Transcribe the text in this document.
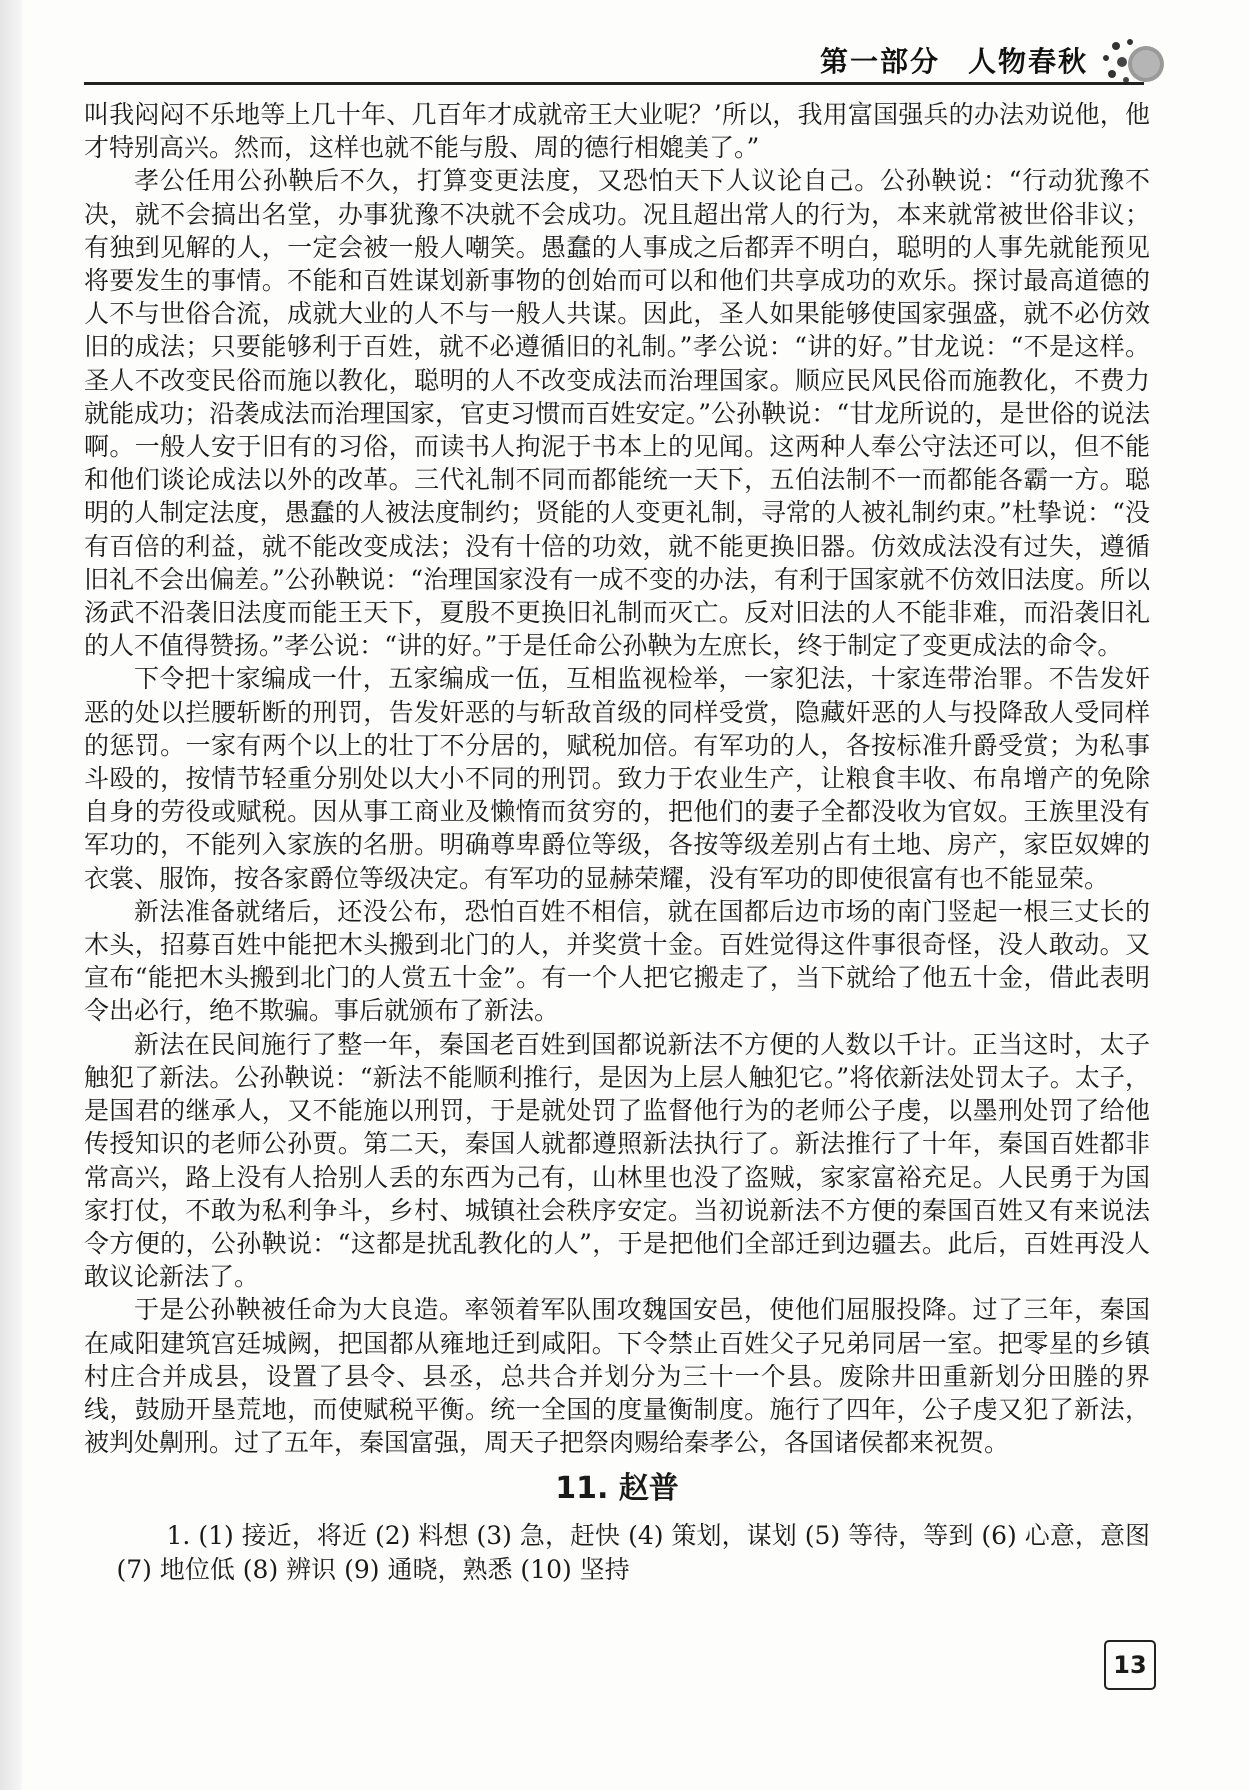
第一部分 人物春秋

叫我闷闷不乐地等上几十年、几百年才成就帝王大业呢？’所以，我用富国强兵的办法劝说他，他才特别高兴。然而，这样也就不能与殷、周的德行相媲美了。”

孝公任用公孙鞅后不久，打算变更法度，又恐怕天下人议论自己。公孙鞅说：“行动犹豫不决，就不会搞出名堂，办事犹豫不决就不会成功。况且超出常人的行为，本来就常被世俗非议；有独到见解的人，一定会被一般人嘲笑。愚蠢的人事成之后都弄不明白，聪明的人事先就能预见将要发生的事情。不能和百姓谋划新事物的创始而可以和他们共享成功的欢乐。探讨最高道德的人不与世俗合流，成就大业的人不与一般人共谋。因此，圣人如果能够使国家强盛，就不必仿效旧的成法；只要能够利于百姓，就不必遵循旧的礼制。”孝公说：“讲的好。”甘龙说：“不是这样。圣人不改变民俗而施以教化，聪明的人不改变成法而治理国家。顺应民风民俗而施教化，不费力就能成功；沿袭成法而治理国家，官吏习惯而百姓安定。”公孙鞅说：“甘龙所说的，是世俗的说法啊。一般人安于旧有的习俗，而读书人拘泥于书本上的见闻。这两种人奉公守法还可以，但不能和他们谈论成法以外的改革。三代礼制不同而都能统一天下，五伯法制不一而都能各霸一方。聪明的人制定法度，愚蠢的人被法度制约；贤能的人变更礼制，寻常的人被礼制约束。”杜挚说：“没有百倍的利益，就不能改变成法；没有十倍的功效，就不能更换旧器。仿效成法没有过失，遵循旧礼不会出偏差。”公孙鞅说：“治理国家没有一成不变的办法，有利于国家就不仿效旧法度。所以汤武不沿袭旧法度而能王天下，夏殷不更换旧礼制而灭亡。反对旧法的人不能非难，而沿袭旧礼的人不值得赞扬。”孝公说：“讲的好。”于是任命公孙鞅为左庶长，终于制定了变更成法的命令。

下令把十家编成一什，五家编成一伍，互相监视检举，一家犯法，十家连带治罪。不告发奸恶的处以拦腰斩断的刑罚，告发奸恶的与斩敌首级的同样受赏，隐藏奸恶的人与投降敌人受同样的惩罚。一家有两个以上的壮丁不分居的，赋税加倍。有军功的人，各按标准升爵受赏；为私事斗殴的，按情节轻重分别处以大小不同的刑罚。致力于农业生产，让粮食丰收、布帛增产的免除自身的劳役或赋税。因从事工商业及懒惰而贫穷的，把他们的妻子全都没收为官奴。王族里没有军功的，不能列入家族的名册。明确尊卑爵位等级，各按等级差别占有土地、房产，家臣奴婢的衣裳、服饰，按各家爵位等级决定。有军功的显赫荣耀，没有军功的即使很富有也不能显荣。

新法准备就绪后，还没公布，恐怕百姓不相信，就在国都后边市场的南门竖起一根三丈长的木头，招募百姓中能把木头搬到北门的人，并奖赏十金。百姓觉得这件事很奇怪，没人敢动。又宣布“能把木头搬到北门的人赏五十金”。有一个人把它搬走了，当下就给了他五十金，借此表明令出必行，绝不欺骗。事后就颁布了新法。

新法在民间施行了整一年，秦国老百姓到国都说新法不方便的人数以千计。正当这时，太子触犯了新法。公孙鞅说：“新法不能顺利推行，是因为上层人触犯它。”将依新法处罚太子。太子，是国君的继承人，又不能施以刑罚，于是就处罚了监督他行为的老师公子虔，以墨刑处罚了给他传授知识的老师公孙贾。第二天，秦国人就都遵照新法执行了。新法推行了十年，秦国百姓都非常高兴，路上没有人拾别人丢的东西为己有，山林里也没了盗贼，家家富裕充足。人民勇于为国家打仗，不敢为私利争斗，乡村、城镇社会秩序安定。当初说新法不方便的秦国百姓又有来说法令方便的，公孙鞅说：“这都是扰乱教化的人”，于是把他们全部迁到边疆去。此后，百姓再没人敢议论新法了。

于是公孙鞅被任命为大良造。率领着军队围攻魏国安邑，使他们屈服投降。过了三年，秦国在咸阳建筑宫廷城阙，把国都从雍地迁到咸阳。下令禁止百姓父子兄弟同居一室。把零星的乡镇村庄合并成县，设置了县令、县丞，总共合并划分为三十一个县。废除井田重新划分田塍的界线，鼓励开垦荒地，而使赋税平衡。统一全国的度量衡制度。施行了四年，公子虔又犯了新法，被判处劓刑。过了五年，秦国富强，周天子把祭肉赐给秦孝公，各国诸侯都来祝贺。

11. 赵普

1. (1) 接近，将近 (2) 料想 (3) 急，赶快 (4) 策划，谋划 (5) 等待，等到 (6) 心意，意图 (7) 地位低 (8) 辨识 (9) 通晓，熟悉 (10) 坚持

13
